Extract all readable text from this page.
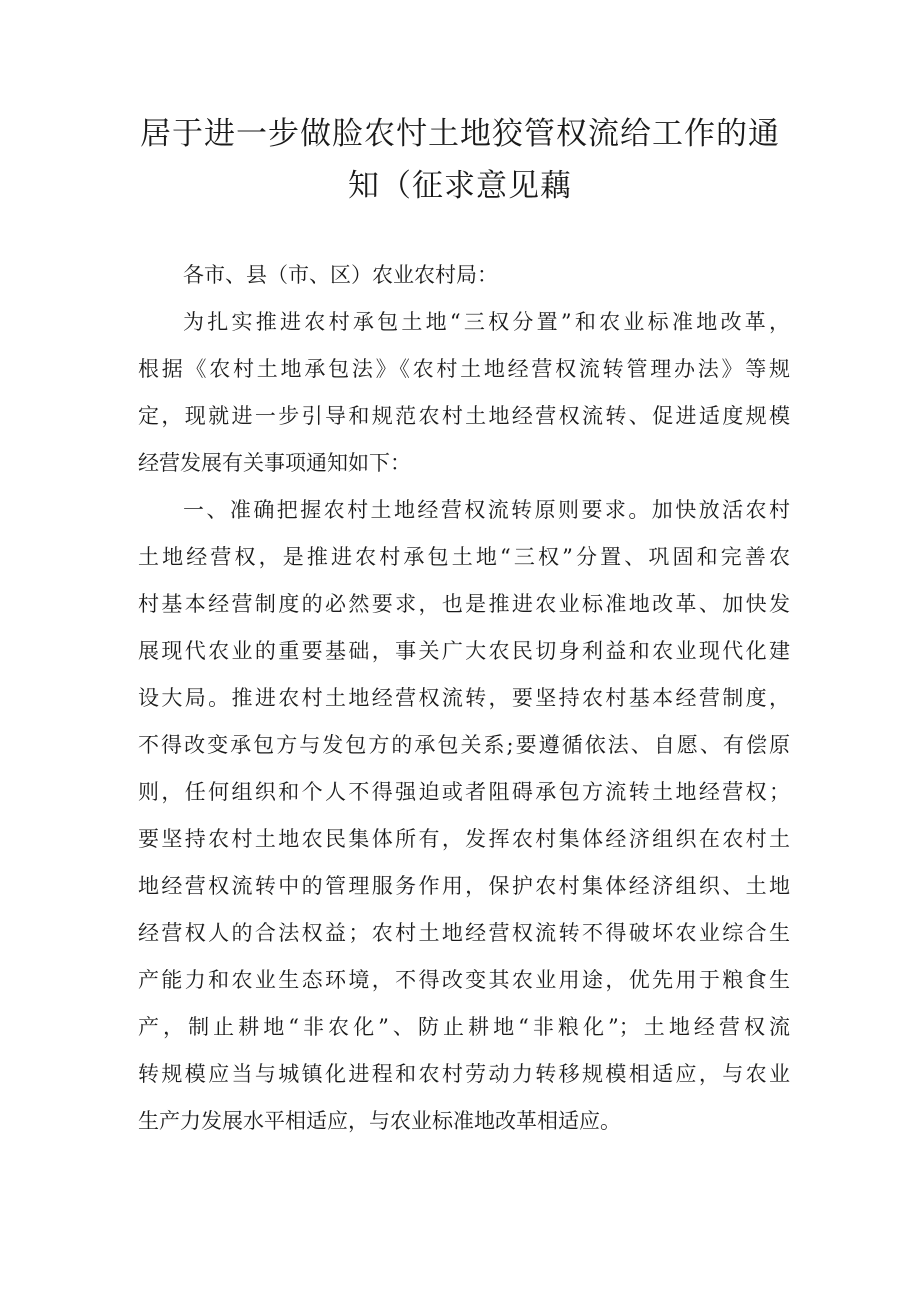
居于进一步做脸农忖土地狡管权流给工作的通
知（征求意见藕
各市、县（市、区）农业农村局：
为扎实推进农村承包土地“三权分置”和农业标准地改革，
根据《农村土地承包法》《农村土地经营权流转管理办法》等规
定，现就进一步引导和规范农村土地经营权流转、促进适度规模
经营发展有关事项通知如下：
一、准确把握农村土地经营权流转原则要求。加快放活农村
土地经营权，是推进农村承包土地“三权”分置、巩固和完善农
村基本经营制度的必然要求，也是推进农业标准地改革、加快发
展现代农业的重要基础，事关广大农民切身利益和农业现代化建
设大局。推进农村土地经营权流转，要坚持农村基本经营制度，
不得改变承包方与发包方的承包关系;要遵循依法、自愿、有偿原
则，任何组织和个人不得强迫或者阻碍承包方流转土地经营权；
要坚持农村土地农民集体所有，发挥农村集体经济组织在农村土
地经营权流转中的管理服务作用，保护农村集体经济组织、土地
经营权人的合法权益；农村土地经营权流转不得破坏农业综合生
产能力和农业生态环境，不得改变其农业用途，优先用于粮食生
产，制止耕地“非农化”、防止耕地“非粮化”；土地经营权流
转规模应当与城镇化进程和农村劳动力转移规模相适应，与农业
生产力发展水平相适应，与农业标准地改革相适应。
